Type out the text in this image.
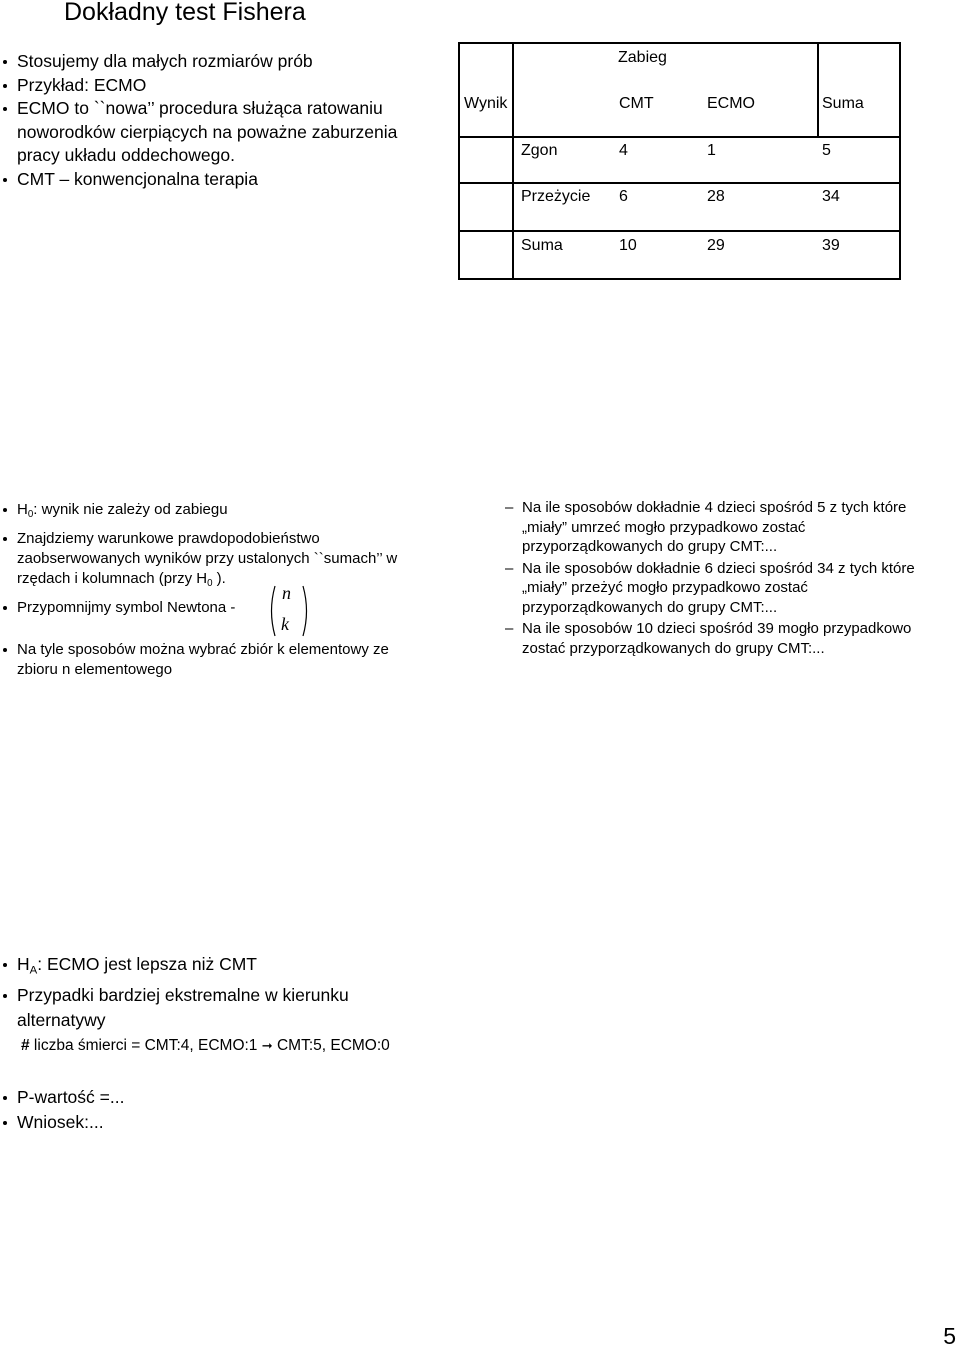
Dokładny test Fishera
Stosujemy dla małych rozmiarów prób
Przykład: ECMO
ECMO to ``nowa’’ procedura służąca ratowaniu noworodków cierpiących na poważne zaburzenia pracy układu oddechowego.
CMT – konwencjonalna terapia
Zabieg
Wynik	CMT	ECMO	Suma
Zgon	4	1	5
Przeżycie 6	28	34
Suma	10	29	39
$H_0$: wynik nie zależy od zabiegu
Znajdziemy warunkowe prawdopodobieństwo zaobserwowanych wyników przy ustalonych ``sumach’’ w rzędach i kolumnach (przy $H_0$ ).
Przypomnijmy symbol Newtona -
Na tyle sposobów można wybrać zbiór k elementowy ze zbioru n elementowego
n
k
– Na ile sposobów dokładnie 4 dzieci spośród 5 z tych które „miały” umrzeć mogło przypadkowo zostać przyporządkowanych do grupy CMT:...
– Na ile sposobów dokładnie 6 dzieci spośród 34 z tych które „miały” przeżyć mogło przypadkowo zostać przyporządkowanych do grupy CMT:...
– Na ile sposobów 10 dzieci spośród 39 mogło przypadkowo zostać przyporządkowanych do grupy CMT:...
$H_A$: ECMO jest lepsza niż CMT
Przypadki bardziej ekstremalne w kierunku alternatywy
# liczba śmierci = CMT:4, ECMO:1 ➞ CMT:5, ECMO:0
P-wartość =...
Wniosek:...
5
